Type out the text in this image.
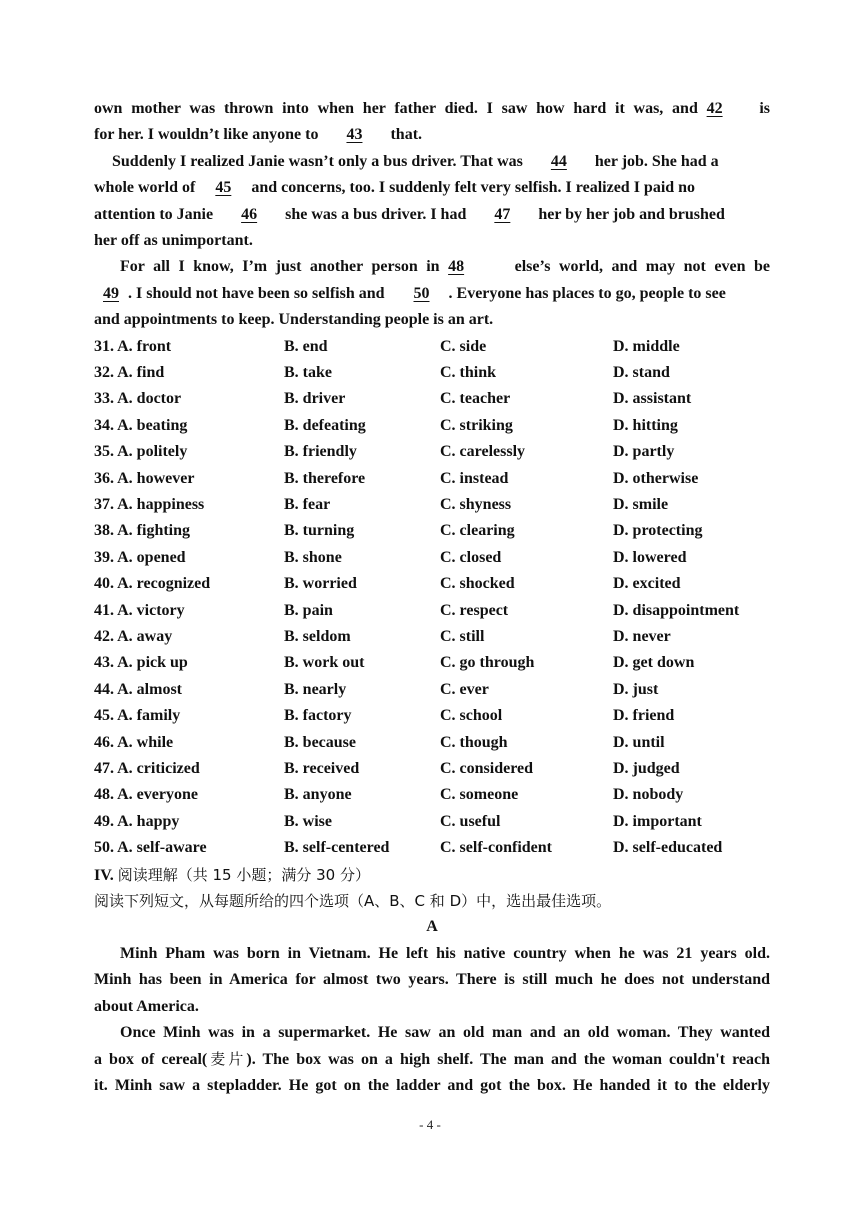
own mother was thrown into when her father died. I saw how hard it was, and 42 is
for her. I wouldn’t like anyone to 43 that.
Suddenly I realized Janie wasn’t only a bus driver. That was 44 her job. She had a
whole world of 45 and concerns, too. I suddenly felt very selfish. I realized I paid no
attention to Janie 46 she was a bus driver. I had 47 her by her job and brushed
her off as unimportant.
For all I know, I’m just another person in 48	else’s world, and may not even be
49 . I should not have been so selfish and 50 . Everyone has places to go, people to see
and appointments to keep. Understanding people is an art.
31. A. front	B. end	C. side	D. middle
32. A. find	B. take	C. think	D. stand
33. A. doctor	B. driver	C. teacher	D. assistant
34. A. beating	B. defeating	C. striking	D. hitting
35. A. politely	B. friendly	C. carelessly	D. partly
36. A. however	B. therefore	C. instead	D. otherwise
37. A. happiness	B. fear	C. shyness	D. smile
38. A. fighting	B. turning	C. clearing	D. protecting
39. A. opened	B. shone	C. closed	D. lowered
40. A. recognized	B. worried	C. shocked	D. excited
41. A. victory	B. pain	C. respect	D. disappointment
42. A. away	B. seldom	C. still	D. never
43. A. pick up	B. work out	C. go through	D. get down
44. A. almost	B. nearly	C. ever	D. just
45. A. family	B. factory	C. school	D. friend
46. A. while	B. because	C. though	D. until
47. A. criticized	B. received	C. considered	D. judged
48. A. everyone	B. anyone	C. someone	D. nobody
49. A. happy	B. wise	C. useful	D. important
50. A. self-aware	B. self-centered	C. self-confident	D. self-educated
IV. 阅读理解（共 15 小题；满分 30 分）
阅读下列短文，从每题所给的四个选项（A、B、C 和 D）中，选出最佳选项。
A
Minh Pham was born in Vietnam. He left his native country when he was 21 years old.
Minh has been in America for almost two years. There is still much he does not understand
about America.
Once Minh was in a supermarket. He saw an old man and an old woman. They wanted
a box of cereal(麦片). The box was on a high shelf. The man and the woman couldn't reach
it. Minh saw a stepladder. He got on the ladder and got the box. He handed it to the elderly
- 4 -
